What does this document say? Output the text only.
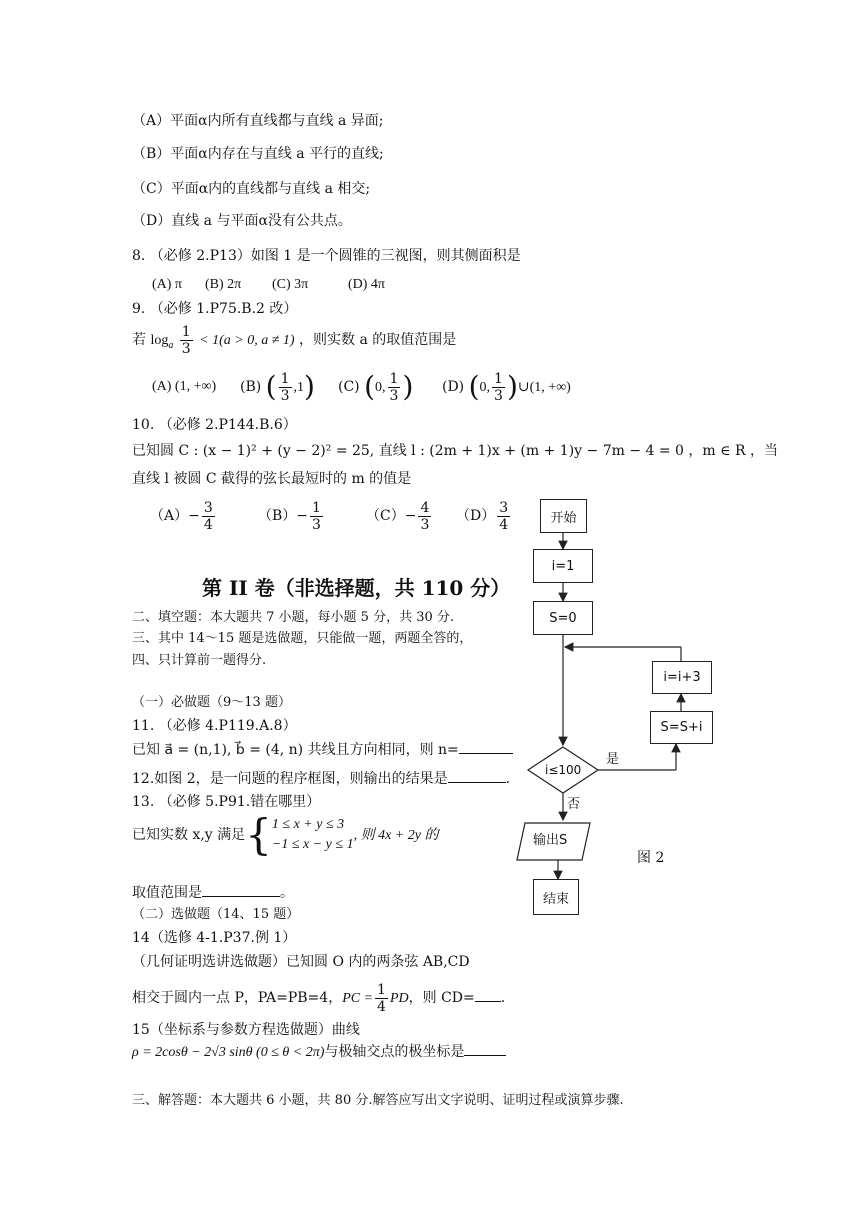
（A）平面α内所有直线都与直线 a 异面;
（B）平面α内存在与直线 a 平行的直线;
（C）平面α内的直线都与直线 a 相交;
（D）直线 a 与平面α没有公共点。
8. （必修 2.P13）如图 1 是一个圆锥的三视图，则其侧面积是
(A) π (B) 2π (C) 3π	(D) 4π
9. （必修 1.P75.B.2 改）
若 $\log_a \frac{1}{3} < 1(a > 0$, a ≠ 1) ，则实数 a 的取值范围是
(A) (1, +∞) (B) ( $\frac{1}{3} ,1$) (C) (0, $\frac{1}{3}$ ) (D) (0, $\frac{1}{3}$ )∪(1, +∞)
10. （必修 2.P144.B.6）
已知圆 C : (x − 1)² + (y − 2)² = 25, 直线 l : (2m + 1)x + (m + 1)y − 7m − 4 = 0 ，m ∈ R ，当
直线 l 被圆 C 截得的弦长最短时的 m 的值是
$(A)- \frac{3}{4}$	$(B)- \frac{1}{3}$	$(C)- \frac{4}{3} (D) \frac{3}{4}$
第 II 卷（非选择题，共 110 分）
二、填空题：本大题共 7 小题，每小题 5 分，共 30 分.
三、其中 14～15 题是选做题，只能做一题，两题全答的，
四、只计算前一题得分.
（一）必做题（9～13 题）
11. （必修 4.P119.A.8）
已知 a⃗ = (n,1), b⃗ = (4, n) 共线且方向相同，则 n=
12.如图 2，是一问题的程序框图，则输出的结果是	.
13. （必修 5.P91.错在哪里）
已知实数 x,y 满足{ 1 ≤ x + y ≤ 3
−1 ≤ x − y ≤ 1
, 则 4x + 2y 的
取值范围是	。
（二）选做题（14、15 题）
14（选修 4-1.P37.例 1）
（几何证明选讲选做题）已知圆 O 内的两条弦 AB,CD
相交于圆内一点 P，PA=PB=4，PC = $\frac{1}{4}$ PD，则 CD= .
15（坐标系与参数方程选做题）曲线
ρ = 2cosθ − 2√3 sinθ (0 ≤ θ < 2π)与极轴交点的极坐标是
三、解答题：本大题共 6 小题，共 80 分.解答应写出文字说明、证明过程或演算步骤.
开始
i=1
S=0
i=i+3
S=S+i
i≤100
是
否
输出S
结束
图 2
